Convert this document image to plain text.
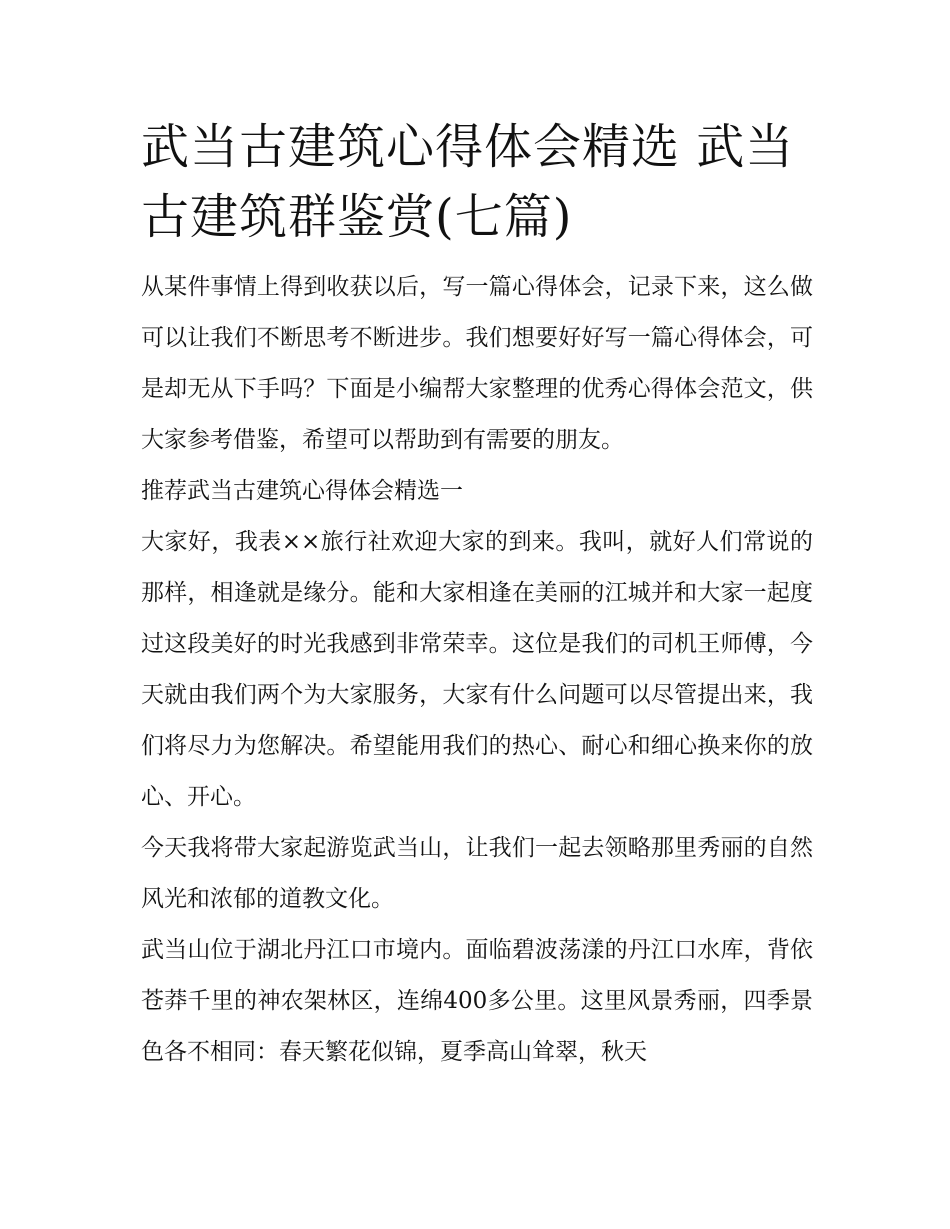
武当古建筑心得体会精选 武当古建筑群鉴赏(七篇)

从某件事情上得到收获以后，写一篇心得体会，记录下来，这么做可以让我们不断思考不断进步。我们想要好好写一篇心得体会，可是却无从下手吗？下面是小编帮大家整理的优秀心得体会范文，供大家参考借鉴，希望可以帮助到有需要的朋友。

推荐武当古建筑心得体会精选一

大家好，我表××旅行社欢迎大家的到来。我叫，就好人们常说的那样，相逢就是缘分。能和大家相逢在美丽的江城并和大家一起度过这段美好的时光我感到非常荣幸。这位是我们的司机王师傅，今天就由我们两个为大家服务，大家有什么问题可以尽管提出来，我们将尽力为您解决。希望能用我们的热心、耐心和细心换来你的放心、开心。

今天我将带大家起游览武当山，让我们一起去领略那里秀丽的自然风光和浓郁的道教文化。

武当山位于湖北丹江口市境内。面临碧波荡漾的丹江口水库，背依苍莽千里的神农架林区，连绵400多公里。这里风景秀丽，四季景色各不相同：春天繁花似锦，夏季高山耸翠，秋天
